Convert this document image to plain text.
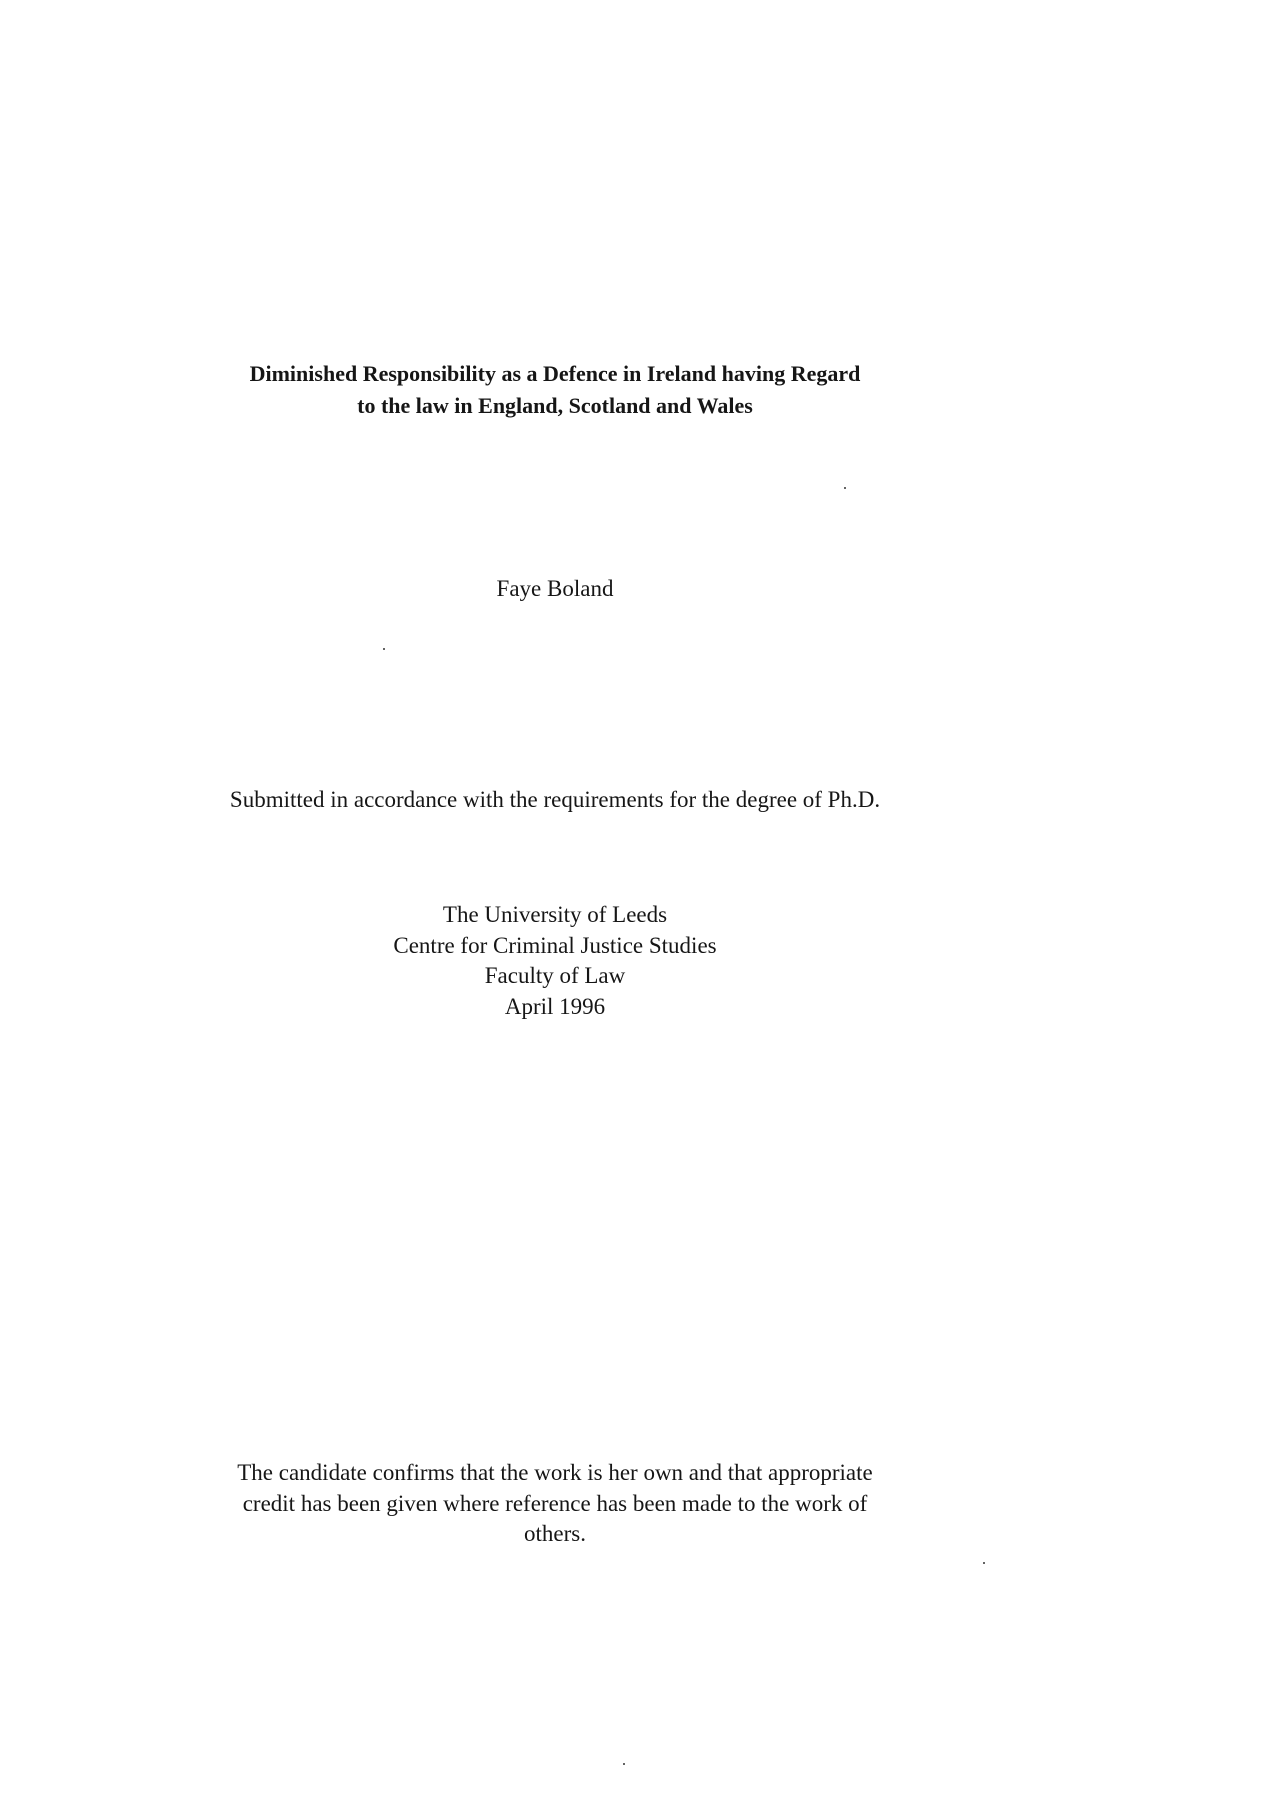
Diminished Responsibility as a Defence in Ireland having Regard
to the law in England, Scotland and Wales
Faye Boland
Submitted in accordance with the requirements for the degree of Ph.D.
The University of Leeds
Centre for Criminal Justice Studies
Faculty of Law
April 1996
The candidate confirms that the work is her own and that appropriate
credit has been given where reference has been made to the work of
others.
